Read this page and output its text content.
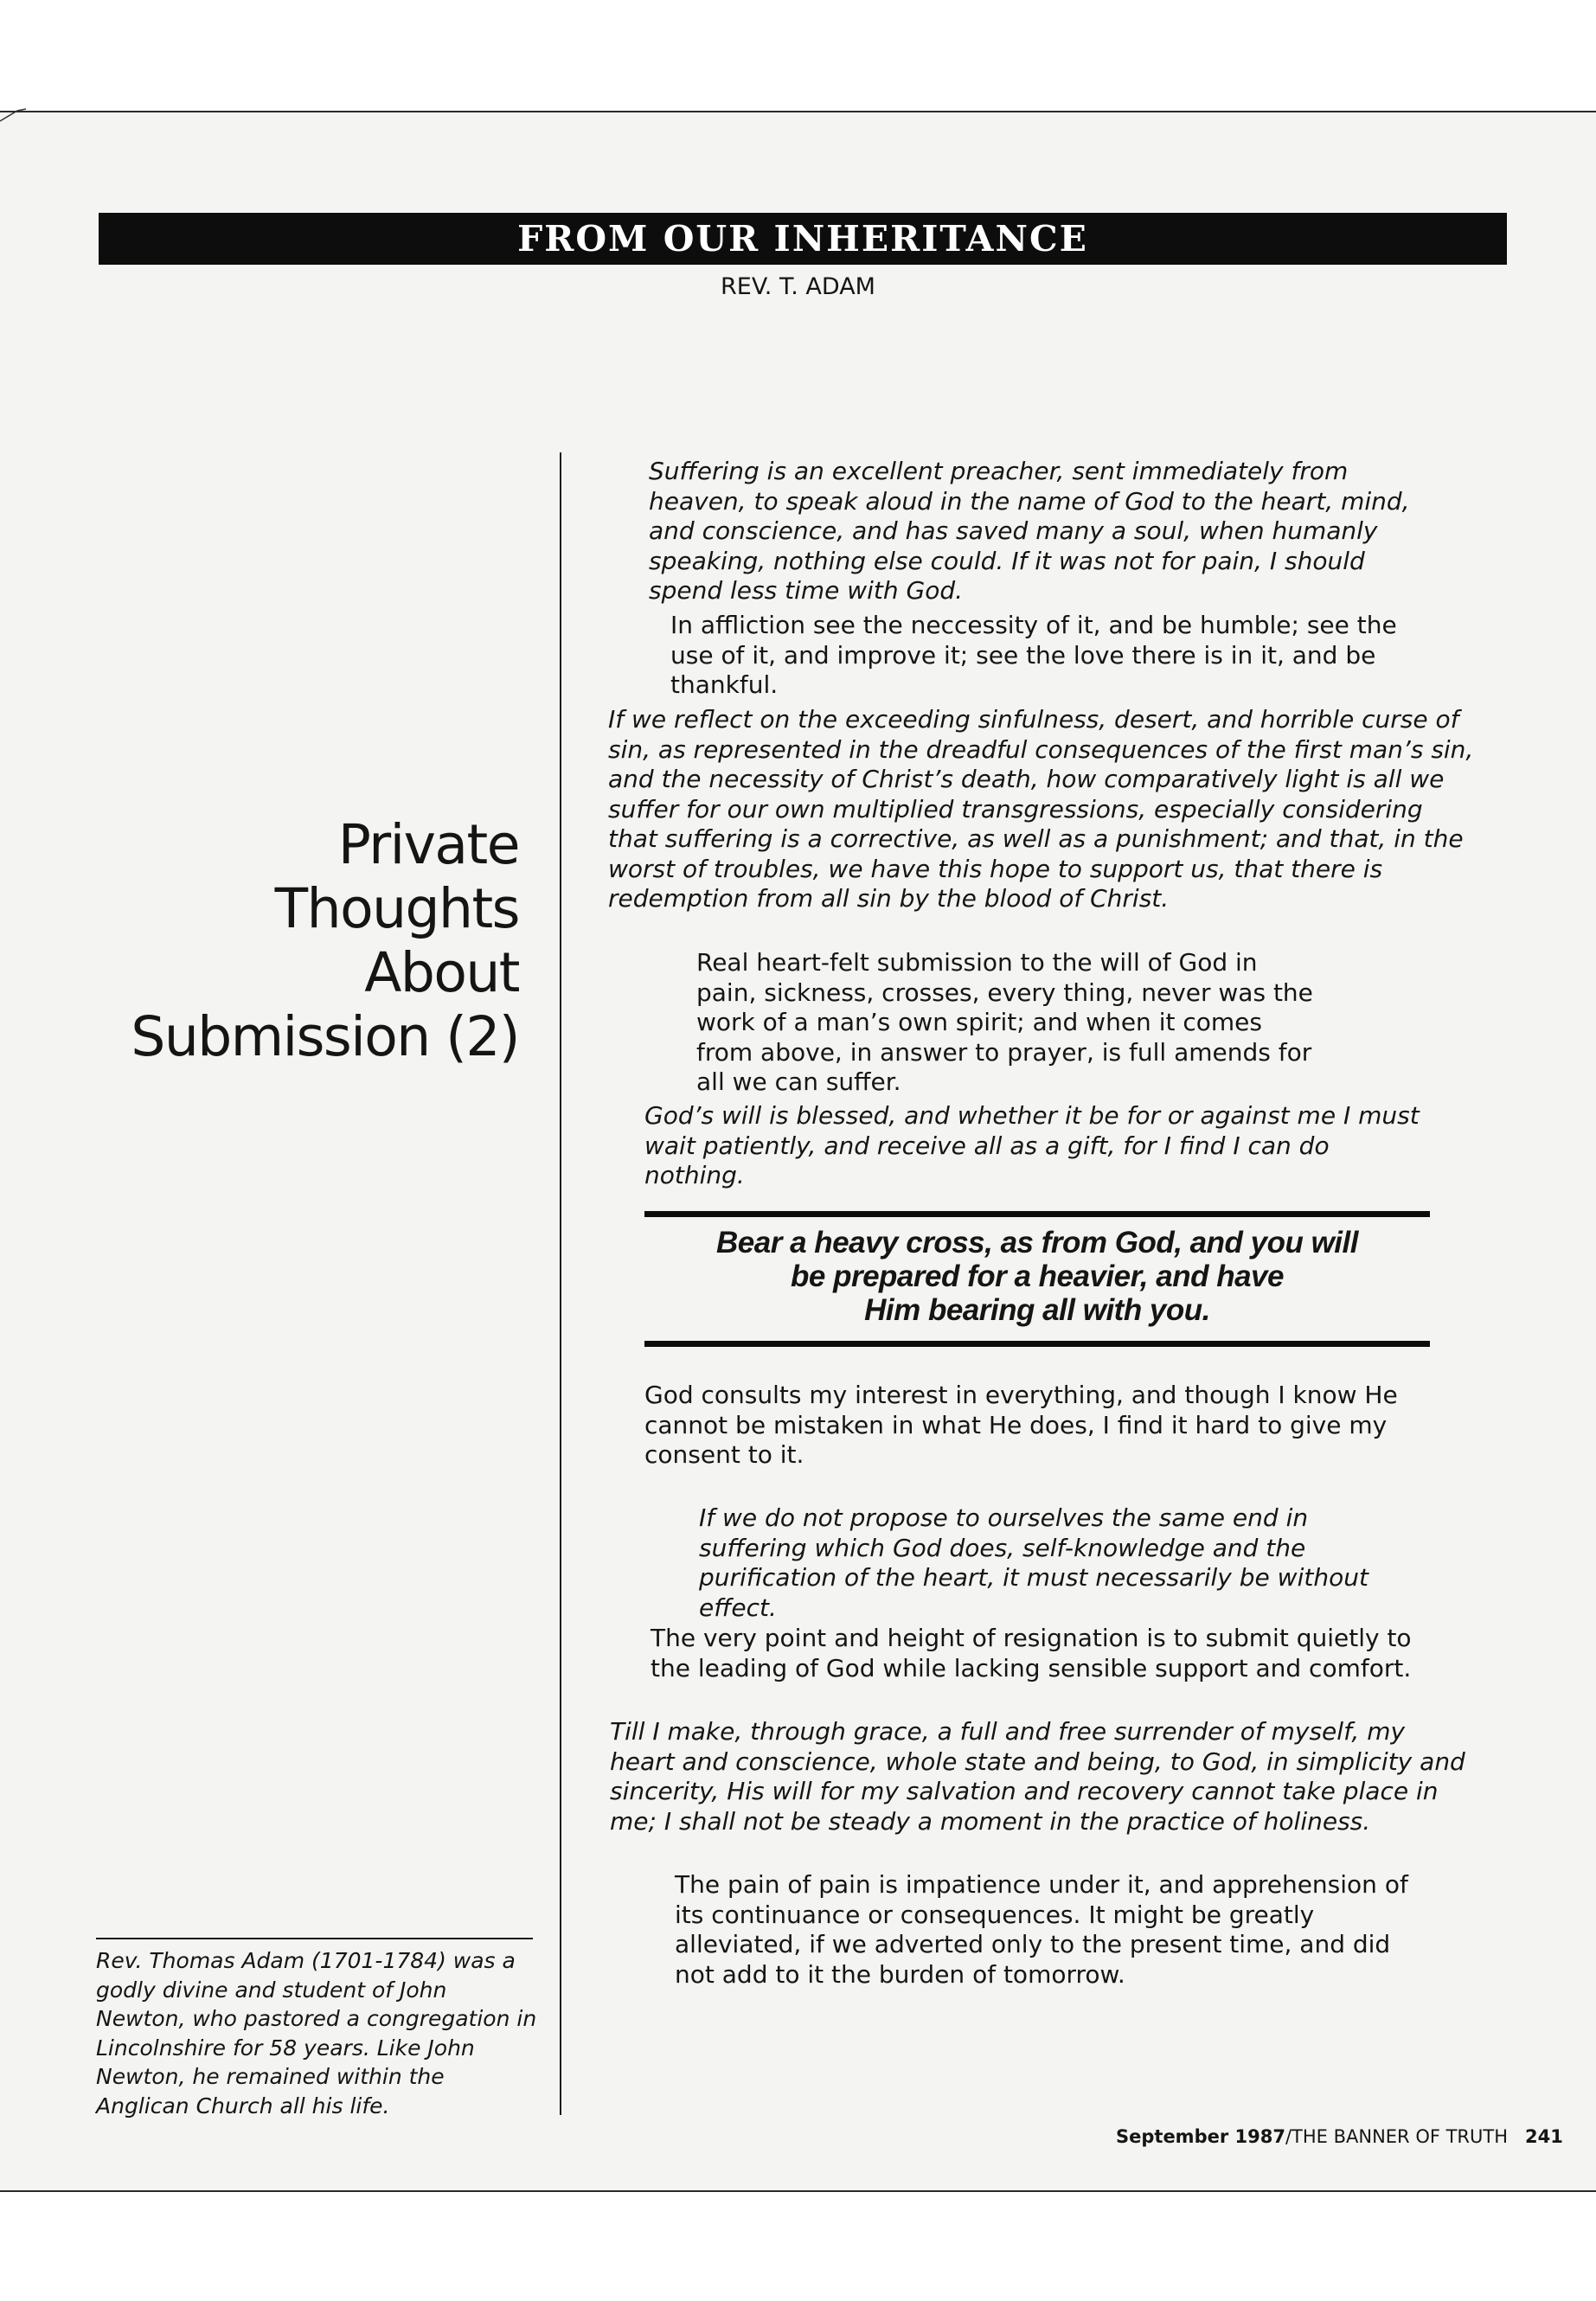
FROM OUR INHERITANCE
REV. T. ADAM
Private
Thoughts
About
Submission (2)

Rev. Thomas Adam (1701-1784) was a godly divine and student of John Newton, who pastored a congregation in Lincolnshire for 58 years. Like John Newton, he remained within the Anglican Church all his life.

Suffering is an excellent preacher, sent immediately from heaven, to speak aloud in the name of God to the heart, mind, and conscience, and has saved many a soul, when humanly speaking, nothing else could. If it was not for pain, I should spend less time with God.

In affliction see the neccessity of it, and be humble; see the use of it, and improve it; see the love there is in it, and be thankful.

If we reflect on the exceeding sinfulness, desert, and horrible curse of sin, as represented in the dreadful consequences of the first man’s sin, and the necessity of Christ’s death, how comparatively light is all we suffer for our own multiplied transgressions, especially considering that suffering is a corrective, as well as a punishment; and that, in the worst of troubles, we have this hope to support us, that there is redemption from all sin by the blood of Christ.

Real heart-felt submission to the will of God in pain, sickness, crosses, every thing, never was the work of a man’s own spirit; and when it comes from above, in answer to prayer, is full amends for all we can suffer.

God’s will is blessed, and whether it be for or against me I must wait patiently, and receive all as a gift, for I find I can do nothing.

Bear a heavy cross, as from God, and you will
be prepared for a heavier, and have
Him bearing all with you.

God consults my interest in everything, and though I know He cannot be mistaken in what He does, I find it hard to give my consent to it.

If we do not propose to ourselves the same end in suffering which God does, self-knowledge and the purification of the heart, it must necessarily be without effect.

The very point and height of resignation is to submit quietly to the leading of God while lacking sensible support and comfort.

Till I make, through grace, a full and free surrender of myself, my heart and conscience, whole state and being, to God, in simplicity and sincerity, His will for my salvation and recovery cannot take place in me; I shall not be steady a moment in the practice of holiness.

The pain of pain is impatience under it, and apprehension of its continuance or consequences. It might be greatly alleviated, if we adverted only to the present time, and did not add to it the burden of tomorrow.

September 1987/THE BANNER OF TRUTH 241
